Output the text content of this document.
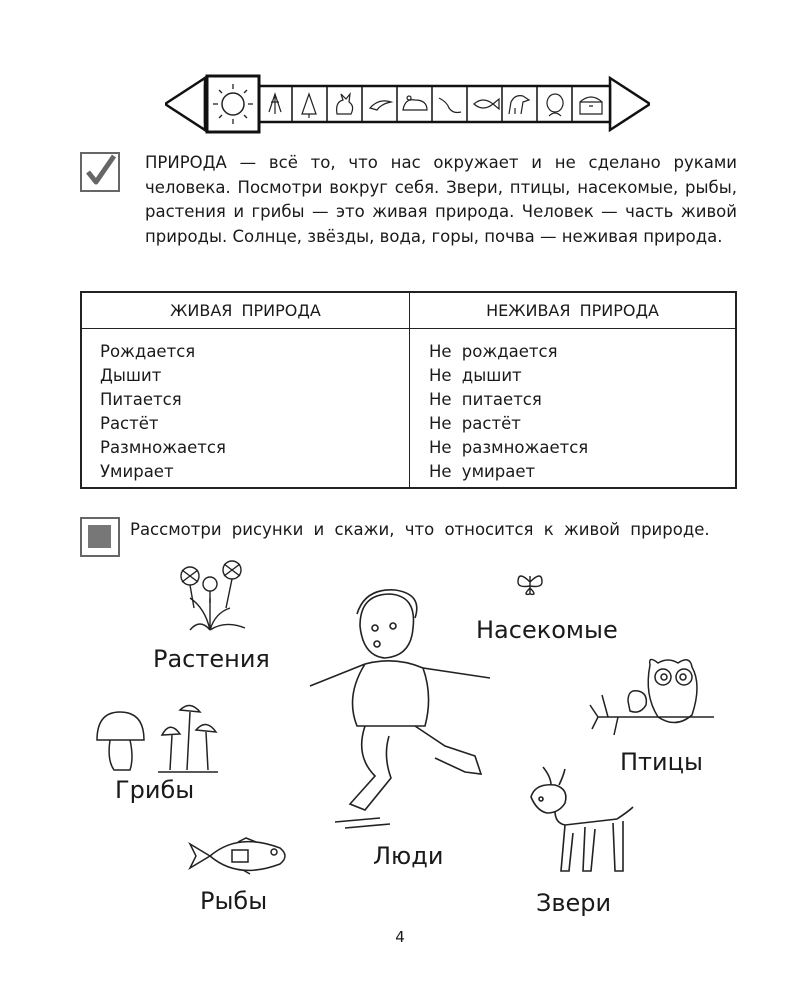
ПРИРОДА — всё то, что нас окружает и не сделано руками человека. Посмотри вокруг себя. Звери, птицы, насекомые, рыбы, растения и грибы — это живая природа. Человек — часть живой природы. Солнце, звёзды, вода, горы, почва — неживая природа.

ЖИВАЯ ПРИРОДА
Рождается
Дышит
Питается
Растёт
Размножается
Умирает
НЕЖИВАЯ ПРИРОДА
Не рождается
Не дышит
Не питается
Не растёт
Не размножается
Не умирает
Рассмотри рисунки и скажи, что относится к живой природе.
Растения
Насекомые
Грибы
Рыбы
Люди
Птицы
Звери
4
